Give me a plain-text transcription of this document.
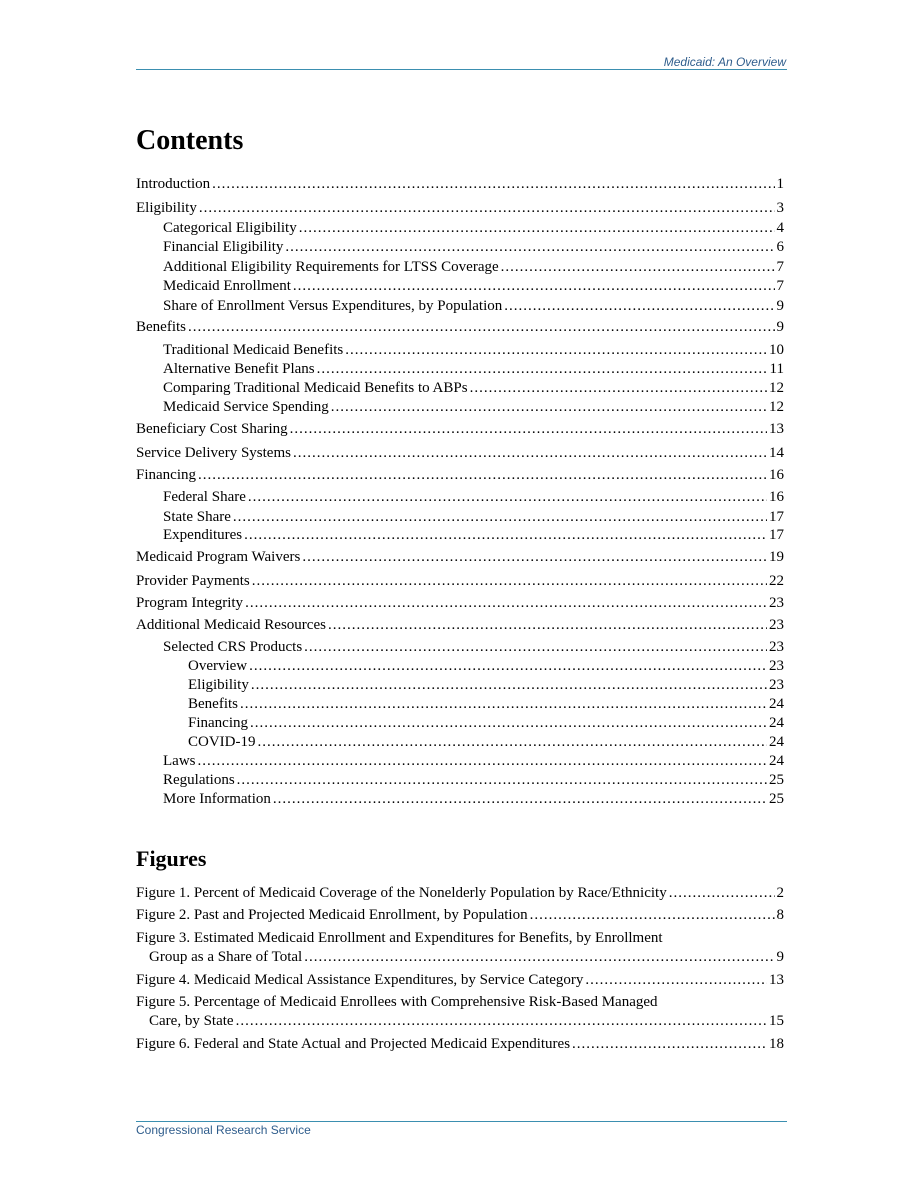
Medicaid: An Overview
Contents
Introduction .....	1
Eligibility .....	3
Categorical Eligibility .....	4
Financial Eligibility .....	6
Additional Eligibility Requirements for LTSS Coverage .....	7
Medicaid Enrollment .....	7
Share of Enrollment Versus Expenditures, by Population .....	9
Benefits .....	9
Traditional Medicaid Benefits .....	10
Alternative Benefit Plans .....	11
Comparing Traditional Medicaid Benefits to ABPs .....	12
Medicaid Service Spending .....	12
Beneficiary Cost Sharing .....	13
Service Delivery Systems .....	14
Financing .....	16
Federal Share .....	16
State Share .....	17
Expenditures .....	17
Medicaid Program Waivers .....	19
Provider Payments .....	22
Program Integrity .....	23
Additional Medicaid Resources .....	23
Selected CRS Products .....	23
Overview .....	23
Eligibility .....	23
Benefits .....	24
Financing .....	24
COVID-19 .....	24
Laws .....	24
Regulations .....	25
More Information .....	25
Figures
Figure 1. Percent of Medicaid Coverage of the Nonelderly Population by Race/Ethnicity .....	2
Figure 2. Past and Projected Medicaid Enrollment, by Population .....	8
Figure 3. Estimated Medicaid Enrollment and Expenditures for Benefits, by Enrollment
Group as a Share of Total .....	9
Figure 4. Medicaid Medical Assistance Expenditures, by Service Category .....	13
Figure 5. Percentage of Medicaid Enrollees with Comprehensive Risk-Based Managed
Care, by State .....	15
Figure 6. Federal and State Actual and Projected Medicaid Expenditures .....	18
Congressional Research Service
